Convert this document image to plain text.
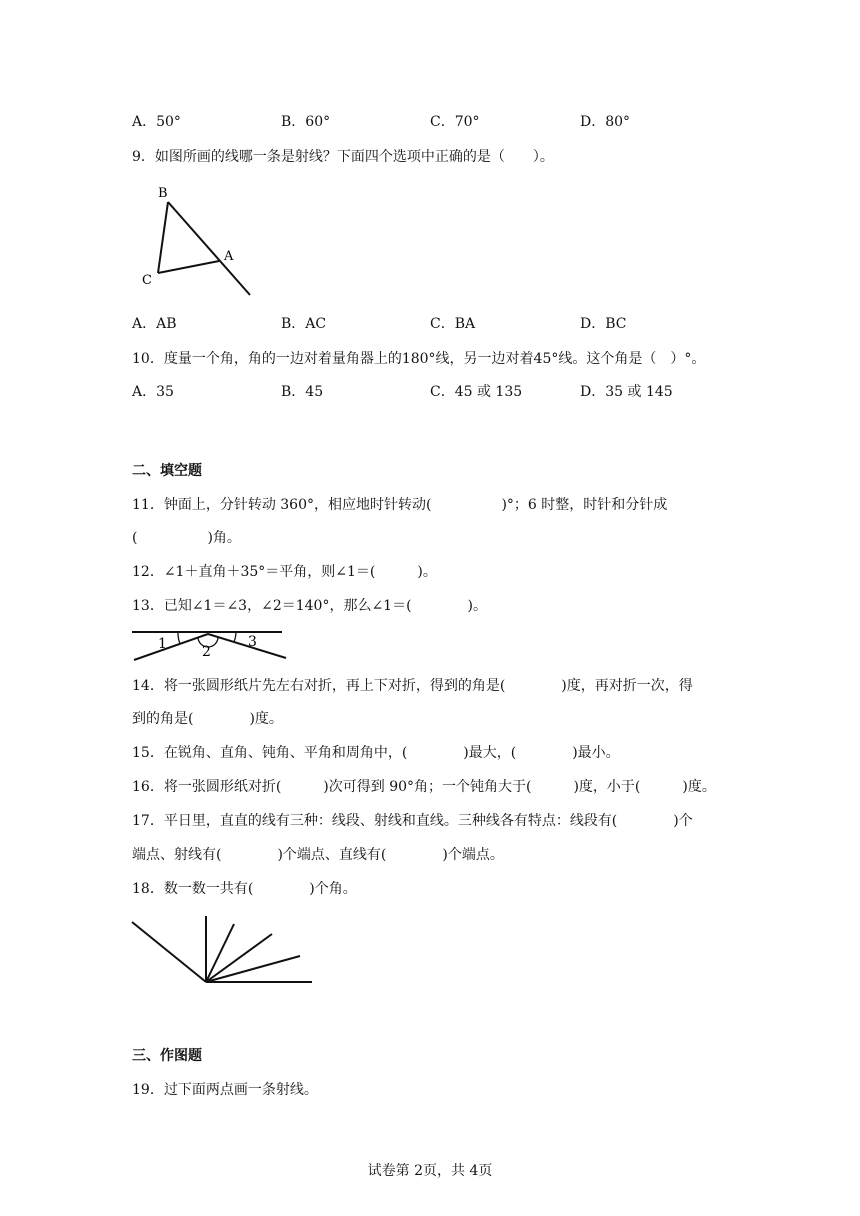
A．50°	B．60°	C．70°	D．80°
9．如图所画的线哪一条是射线？下面四个选项中正确的是（　　）。
B
A
C
A．AB	B．AC	C．BA	D．BC
10．度量一个角，角的一边对着量角器上的180°线，另一边对着45°线。这个角是（　）°。
A．35	B．45	C．45 或 135	D．35 或 145
二、填空题
11．钟面上，分针转动 360°，相应地时针转动(　　　　　)°；6 时整，时针和分针成
(　　　　　)角。
12．∠1＋直角＋35°＝平角，则∠1＝(　　　)。
13．已知∠1＝∠3，∠2＝140°，那么∠1＝(　　　　)。
1	2
3
14．将一张圆形纸片先左右对折，再上下对折，得到的角是(　　　　)度，再对折一次，得
到的角是(　　　　)度。
15．在锐角、直角、钝角、平角和周角中，(　　　　)最大，(　　　　)最小。
16．将一张圆形纸对折(　　　)次可得到 90°角；一个钝角大于(　　　)度，小于(　　　)度。
17．平日里，直直的线有三种：线段、射线和直线。三种线各有特点：线段有(　　　　)个
端点、射线有(　　　　)个端点、直线有(　　　　)个端点。
18．数一数一共有(　　　　)个角。
三、作图题
19．过下面两点画一条射线。
试卷第 2页，共 4页
